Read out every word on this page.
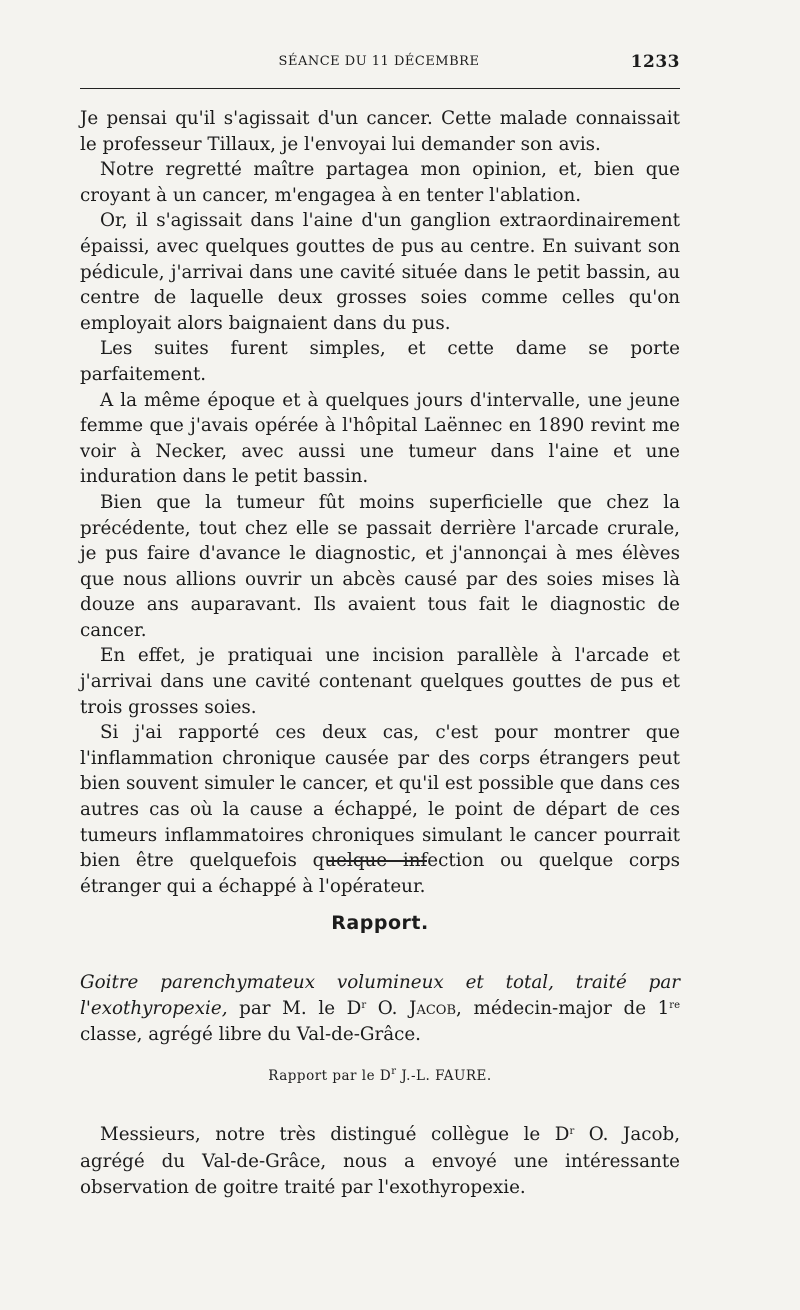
SÉANCE DU 11 DÉCEMBRE	1233

Je pensai qu'il s'agissait d'un cancer. Cette malade connaissait le professeur Tillaux, je l'envoyai lui demander son avis.

Notre regretté maître partagea mon opinion, et, bien que croyant à un cancer, m'engagea à en tenter l'ablation.

Or, il s'agissait dans l'aine d'un ganglion extraordinairement épaissi, avec quelques gouttes de pus au centre. En suivant son pédicule, j'arrivai dans une cavité située dans le petit bassin, au centre de laquelle deux grosses soies comme celles qu'on employait alors baignaient dans du pus.

Les suites furent simples, et cette dame se porte parfaitement.

A la même époque et à quelques jours d'intervalle, une jeune femme que j'avais opérée à l'hôpital Laënnec en 1890 revint me voir à Necker, avec aussi une tumeur dans l'aine et une induration dans le petit bassin.

Bien que la tumeur fût moins superficielle que chez la précédente, tout chez elle se passait derrière l'arcade crurale, je pus faire d'avance le diagnostic, et j'annonçai à mes élèves que nous allions ouvrir un abcès causé par des soies mises là douze ans auparavant. Ils avaient tous fait le diagnostic de cancer.

En effet, je pratiquai une incision parallèle à l'arcade et j'arrivai dans une cavité contenant quelques gouttes de pus et trois grosses soies.

Si j'ai rapporté ces deux cas, c'est pour montrer que l'inflammation chronique causée par des corps étrangers peut bien souvent simuler le cancer, et qu'il est possible que dans ces autres cas où la cause a échappé, le point de départ de ces tumeurs inflammatoires chroniques simulant le cancer pourrait bien être quelquefois quelque infection ou quelque corps étranger qui a échappé à l'opérateur.

Rapport.
Goitre parenchymateux volumineux et total, traité par l'exothyropexie, par M. le $D^r$ O. Jacob, médecin-major de 1re classe, agrégé libre du Val-de-Grâce.
Rapport par le $D^r$ J.-L. FAURE.

Messieurs, notre très distingué collègue le $D^r$ O. Jacob, agrégé du Val-de-Grâce, nous a envoyé une intéressante observation de goitre traité par l'exothyropexie.
